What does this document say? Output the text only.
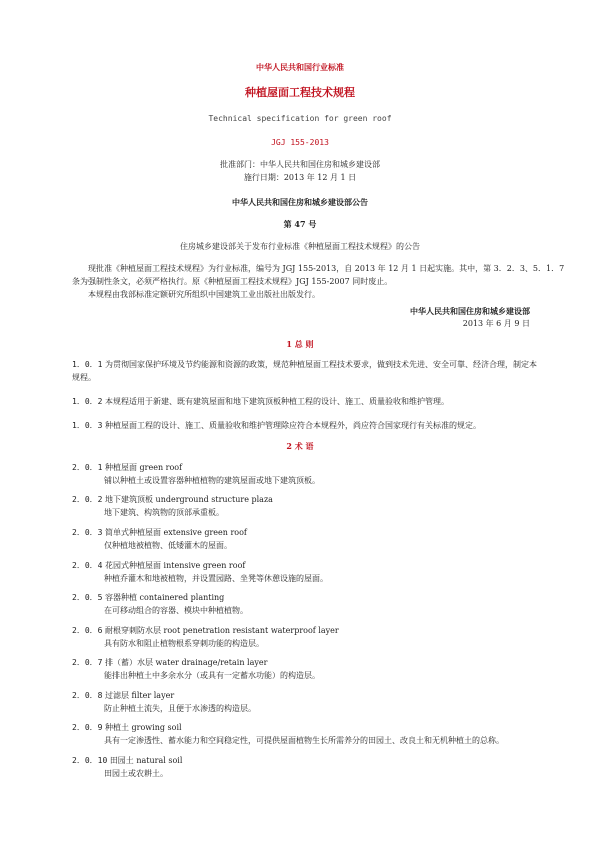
中华人民共和国行业标准
种植屋面工程技术规程
Technical specification for green roof
JGJ 155-2013
批准部门：中华人民共和国住房和城乡建设部
施行日期：2013 年 12 月 1 日
中华人民共和国住房和城乡建设部公告
第 47 号
住房城乡建设部关于发布行业标准《种植屋面工程技术规程》的公告
现批准《种植屋面工程技术规程》为行业标准，编号为 JGJ 155-2013，自 2013 年 12 月 1 日起实施。其中，第 3．2．3、5．1．7
条为强制性条文，必须严格执行。原《种植屋面工程技术规程》JGJ 155-2007 同时废止。
本规程由我部标准定额研究所组织中国建筑工业出版社出版发行。
中华人民共和国住房和城乡建设部
2013 年 6 月 9 日
1 总 则
1．0．1 为贯彻国家保护环境及节约能源和资源的政策，规范种植屋面工程技术要求，做到技术先进、安全可靠、经济合理，制定本
规程。
1．0．2 本规程适用于新建、既有建筑屋面和地下建筑顶板种植工程的设计、施工、质量验收和维护管理。
1．0．3 种植屋面工程的设计、施工、质量验收和维护管理除应符合本规程外，尚应符合国家现行有关标准的规定。
2 术 语
2．0．1 种植屋面 green roof
铺以种植土或设置容器种植植物的建筑屋面或地下建筑顶板。
2．0．2 地下建筑顶板 underground structure plaza
地下建筑、构筑物的顶部承重板。
2．0．3 简单式种植屋面 extensive green roof
仅种植地被植物、低矮灌木的屋面。
2．0．4 花园式种植屋面 intensive green roof
种植乔灌木和地被植物，并设置园路、坐凳等休憩设施的屋面。
2．0．5 容器种植 containered planting
在可移动组合的容器、模块中种植植物。
2．0．6 耐根穿刺防水层 root penetration resistant waterproof layer
具有防水和阻止植物根系穿刺功能的构造层。
2．0．7 排（蓄）水层 water drainage/retain layer
能排出种植土中多余水分（或具有一定蓄水功能）的构造层。
2．0．8 过滤层 filter layer
防止种植土流失，且便于水渗透的构造层。
2．0．9 种植土 growing soil
具有一定渗透性、蓄水能力和空间稳定性，可提供屋面植物生长所需养分的田园土、改良土和无机种植土的总称。
2．0．10 田园土 natural soil
田园土或农耕土。
